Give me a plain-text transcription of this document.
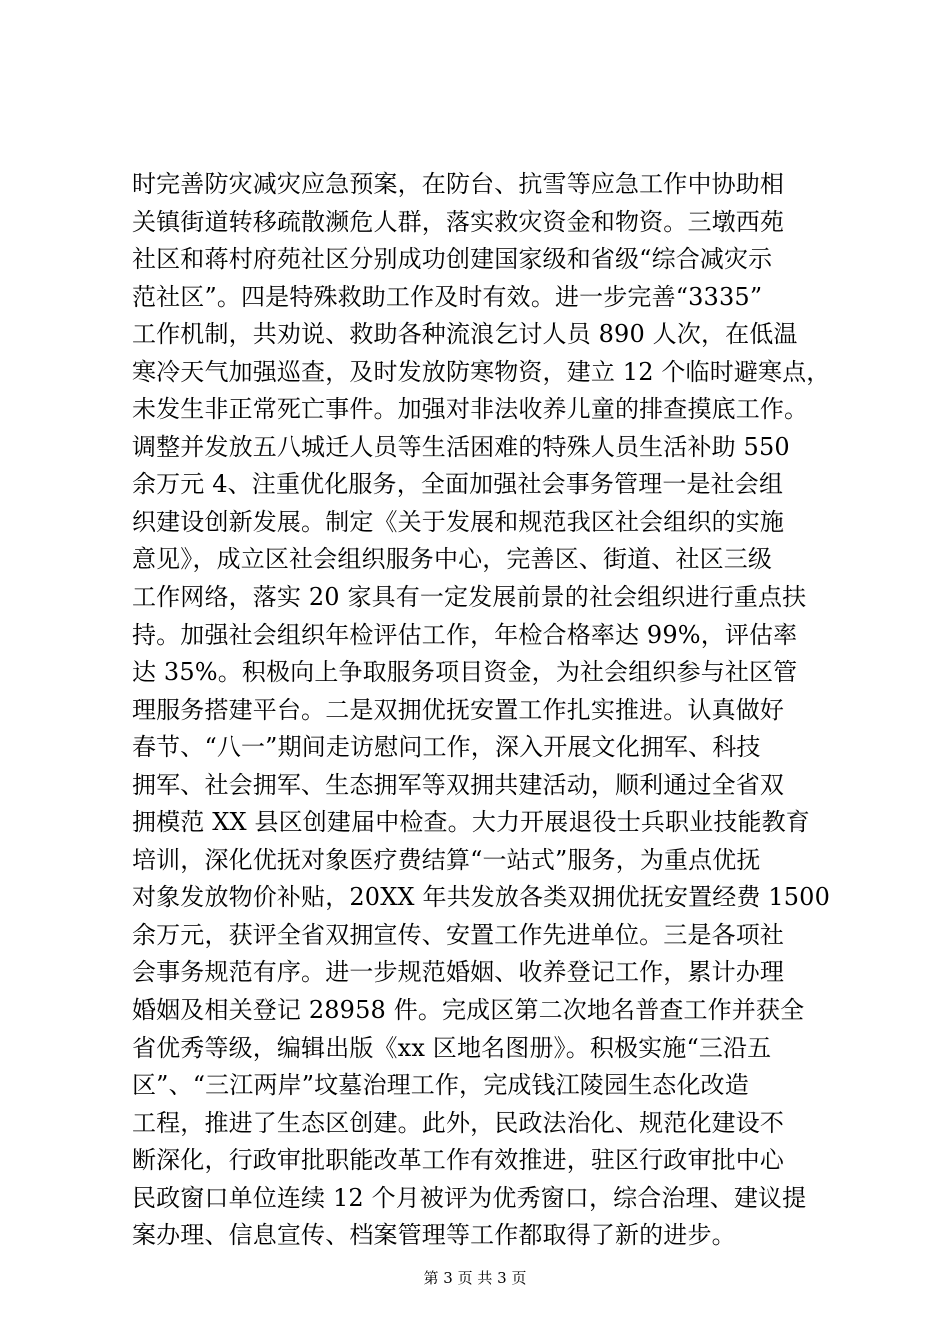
时完善防灾减灾应急预案，在防台、抗雪等应急工作中协助相
关镇街道转移疏散濒危人群，落实救灾资金和物资。三墩西苑
社区和蒋村府苑社区分别成功创建国家级和省级“综合减灾示
范社区”。四是特殊救助工作及时有效。进一步完善“3335”
工作机制，共劝说、救助各种流浪乞讨人员 890 人次，在低温
寒冷天气加强巡查，及时发放防寒物资，建立 12 个临时避寒点，
未发生非正常死亡事件。加强对非法收养儿童的排查摸底工作。
调整并发放五八城迁人员等生活困难的特殊人员生活补助 550
余万元 4、注重优化服务，全面加强社会事务管理一是社会组
织建设创新发展。制定《关于发展和规范我区社会组织的实施
意见》，成立区社会组织服务中心，完善区、街道、社区三级
工作网络，落实 20 家具有一定发展前景的社会组织进行重点扶
持。加强社会组织年检评估工作，年检合格率达 99%，评估率
达 35%。积极向上争取服务项目资金，为社会组织参与社区管
理服务搭建平台。二是双拥优抚安置工作扎实推进。认真做好
春节、“八一”期间走访慰问工作，深入开展文化拥军、科技
拥军、社会拥军、生态拥军等双拥共建活动，顺利通过全省双
拥模范 XX 县区创建届中检查。大力开展退役士兵职业技能教育
培训，深化优抚对象医疗费结算“一站式”服务，为重点优抚
对象发放物价补贴，20XX 年共发放各类双拥优抚安置经费 1500
余万元，获评全省双拥宣传、安置工作先进单位。三是各项社
会事务规范有序。进一步规范婚姻、收养登记工作，累计办理
婚姻及相关登记 28958 件。完成区第二次地名普查工作并获全
省优秀等级，编辑出版《xx 区地名图册》。积极实施“三沿五
区”、“三江两岸”坟墓治理工作，完成钱江陵园生态化改造
工程，推进了生态区创建。此外，民政法治化、规范化建设不
断深化，行政审批职能改革工作有效推进，驻区行政审批中心
民政窗口单位连续 12 个月被评为优秀窗口，综合治理、建议提
案办理、信息宣传、档案管理等工作都取得了新的进步。
第 3 页 共 3 页
